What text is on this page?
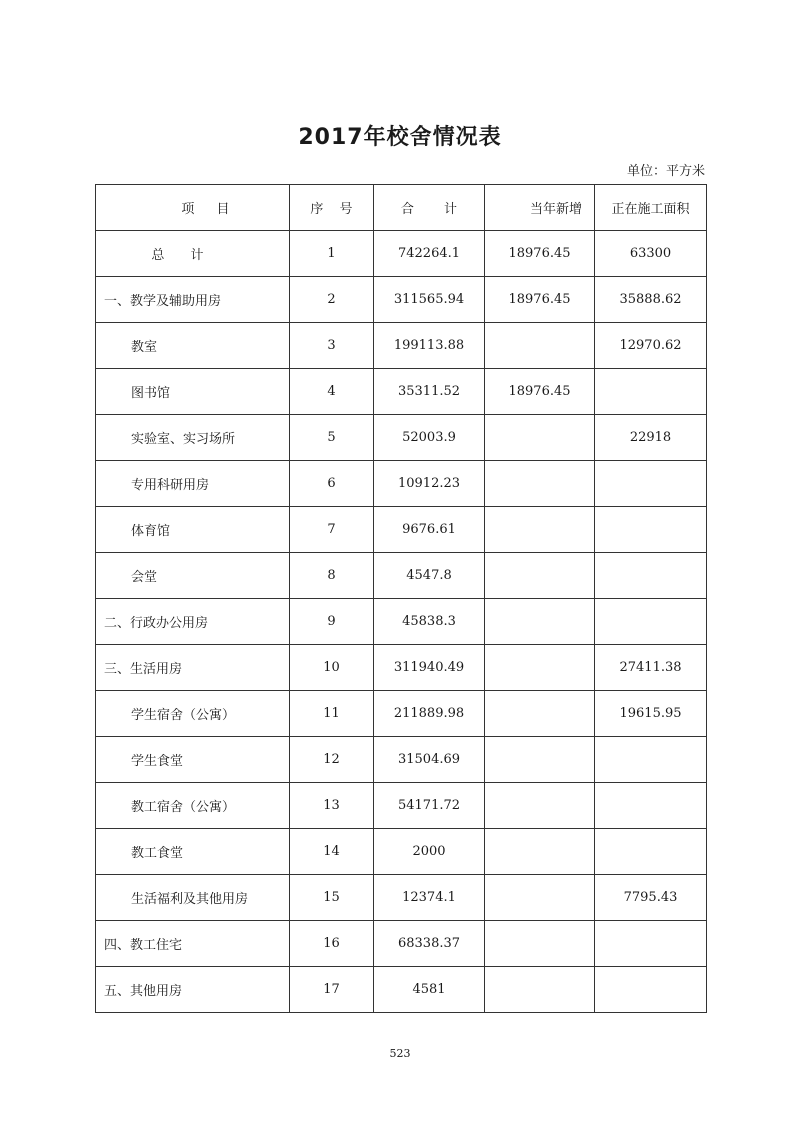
2017年校舍情况表
单位：平方米
项 目	序 号	合 计	当年新增	正在施工面积
总 计	1	742264.1	18976.45	63300
一、教学及辅助用房	2	311565.94	18976.45	35888.62
教室	3	199113.88		12970.62
图书馆	4	35311.52	18976.45	
实验室、实习场所	5	52003.9		22918
专用科研用房	6	10912.23		
体育馆	7	9676.61		
会堂	8	4547.8		
二、行政办公用房	9	45838.3		
三、生活用房	10	311940.49		27411.38
学生宿舍（公寓）	11	211889.98		19615.95
学生食堂	12	31504.69		
教工宿舍（公寓）	13	54171.72		
教工食堂	14	2000		
生活福利及其他用房	15	12374.1		7795.43
四、教工住宅	16	68338.37		
五、其他用房	17	4581		
523
